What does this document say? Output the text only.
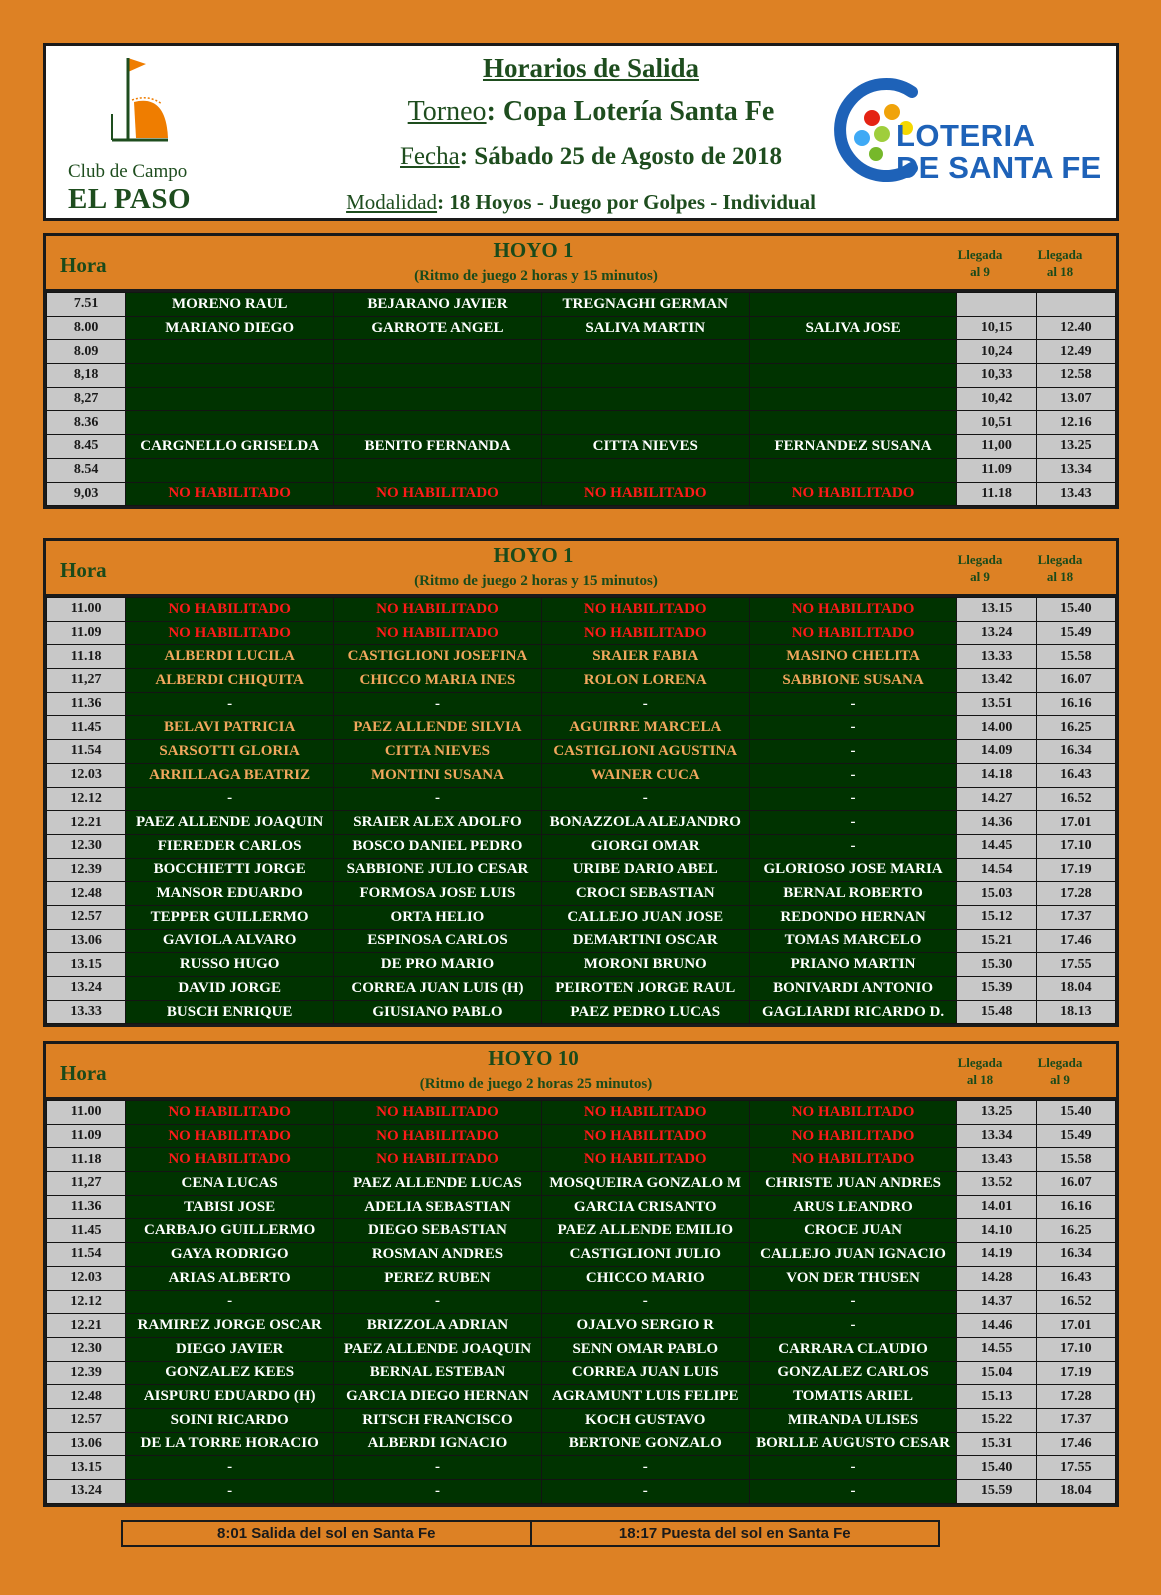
Club de Campo
EL PASO
Horarios de Salida
Torneo: Copa Lotería Santa Fe
Fecha: Sábado 25 de Agosto de 2018
Modalidad: 18 Hoyos - Juego por Golpes - Individual
LOTERIA
DE SANTA FE
Hora
HOYO 1
(Ritmo de juego 2 horas y 15 minutos)
Llegada
al 9
Llegada
al 18
7.51	MORENO RAUL	BEJARANO JAVIER	TREGNAGHI GERMAN			
8.00	MARIANO DIEGO	GARROTE ANGEL	SALIVA MARTIN	SALIVA JOSE	10,15	12.40
8.09					10,24	12.49
8,18					10,33	12.58
8,27					10,42	13.07
8.36					10,51	12.16
8.45	CARGNELLO GRISELDA	BENITO FERNANDA	CITTA NIEVES	FERNANDEZ SUSANA	11,00	13.25
8.54					11.09	13.34
9,03	NO HABILITADO	NO HABILITADO	NO HABILITADO	NO HABILITADO	11.18	13.43
Hora
HOYO 1
(Ritmo de juego 2 horas y 15 minutos)
Llegada
al 9
Llegada
al 18
11.00	NO HABILITADO	NO HABILITADO	NO HABILITADO	NO HABILITADO	13.15	15.40
11.09	NO HABILITADO	NO HABILITADO	NO HABILITADO	NO HABILITADO	13.24	15.49
11.18	ALBERDI LUCILA	CASTIGLIONI JOSEFINA	SRAIER FABIA	MASINO CHELITA	13.33	15.58
11,27	ALBERDI CHIQUITA	CHICCO MARIA INES	ROLON LORENA	SABBIONE SUSANA	13.42	16.07
11.36	-	-	-	-	13.51	16.16
11.45	BELAVI PATRICIA	PAEZ ALLENDE SILVIA	AGUIRRE MARCELA	-	14.00	16.25
11.54	SARSOTTI GLORIA	CITTA NIEVES	CASTIGLIONI AGUSTINA	-	14.09	16.34
12.03	ARRILLAGA BEATRIZ	MONTINI SUSANA	WAINER CUCA	-	14.18	16.43
12.12	-	-	-	-	14.27	16.52
12.21	PAEZ ALLENDE JOAQUIN	SRAIER ALEX ADOLFO	BONAZZOLA ALEJANDRO	-	14.36	17.01
12.30	FIEREDER CARLOS	BOSCO DANIEL PEDRO	GIORGI OMAR	-	14.45	17.10
12.39	BOCCHIETTI JORGE	SABBIONE JULIO CESAR	URIBE DARIO ABEL	GLORIOSO JOSE MARIA	14.54	17.19
12.48	MANSOR EDUARDO	FORMOSA JOSE LUIS	CROCI SEBASTIAN	BERNAL ROBERTO	15.03	17.28
12.57	TEPPER GUILLERMO	ORTA HELIO	CALLEJO JUAN JOSE	REDONDO HERNAN	15.12	17.37
13.06	GAVIOLA ALVARO	ESPINOSA CARLOS	DEMARTINI OSCAR	TOMAS MARCELO	15.21	17.46
13.15	RUSSO HUGO	DE PRO MARIO	MORONI BRUNO	PRIANO MARTIN	15.30	17.55
13.24	DAVID JORGE	CORREA JUAN LUIS (H)	PEIROTEN JORGE RAUL	BONIVARDI ANTONIO	15.39	18.04
13.33	BUSCH ENRIQUE	GIUSIANO PABLO	PAEZ PEDRO LUCAS	GAGLIARDI RICARDO D.	15.48	18.13
Hora
HOYO 10
(Ritmo de juego 2 horas 25 minutos)
Llegada
al 18
Llegada
al 9
11.00	NO HABILITADO	NO HABILITADO	NO HABILITADO	NO HABILITADO	13.25	15.40
11.09	NO HABILITADO	NO HABILITADO	NO HABILITADO	NO HABILITADO	13.34	15.49
11.18	NO HABILITADO	NO HABILITADO	NO HABILITADO	NO HABILITADO	13.43	15.58
11,27	CENA LUCAS	PAEZ ALLENDE LUCAS	MOSQUEIRA GONZALO M	CHRISTE JUAN ANDRES	13.52	16.07
11.36	TABISI JOSE	ADELIA SEBASTIAN	GARCIA CRISANTO	ARUS LEANDRO	14.01	16.16
11.45	CARBAJO GUILLERMO	DIEGO SEBASTIAN	PAEZ ALLENDE EMILIO	CROCE JUAN	14.10	16.25
11.54	GAYA RODRIGO	ROSMAN ANDRES	CASTIGLIONI JULIO	CALLEJO JUAN IGNACIO	14.19	16.34
12.03	ARIAS ALBERTO	PEREZ RUBEN	CHICCO MARIO	VON DER THUSEN	14.28	16.43
12.12	-	-	-	-	14.37	16.52
12.21	RAMIREZ JORGE OSCAR	BRIZZOLA ADRIAN	OJALVO SERGIO R	-	14.46	17.01
12.30	DIEGO JAVIER	PAEZ ALLENDE JOAQUIN	SENN OMAR PABLO	CARRARA CLAUDIO	14.55	17.10
12.39	GONZALEZ KEES	BERNAL ESTEBAN	CORREA JUAN LUIS	GONZALEZ CARLOS	15.04	17.19
12.48	AISPURU EDUARDO (H)	GARCIA DIEGO HERNAN	AGRAMUNT LUIS FELIPE	TOMATIS ARIEL	15.13	17.28
12.57	SOINI RICARDO	RITSCH FRANCISCO	KOCH GUSTAVO	MIRANDA ULISES	15.22	17.37
13.06	DE LA TORRE HORACIO	ALBERDI IGNACIO	BERTONE GONZALO	BORLLE AUGUSTO CESAR	15.31	17.46
13.15	-	-	-	-	15.40	17.55
13.24	-	-	-	-	15.59	18.04
8:01 Salida del sol en Santa Fe	18:17 Puesta del sol en Santa Fe
